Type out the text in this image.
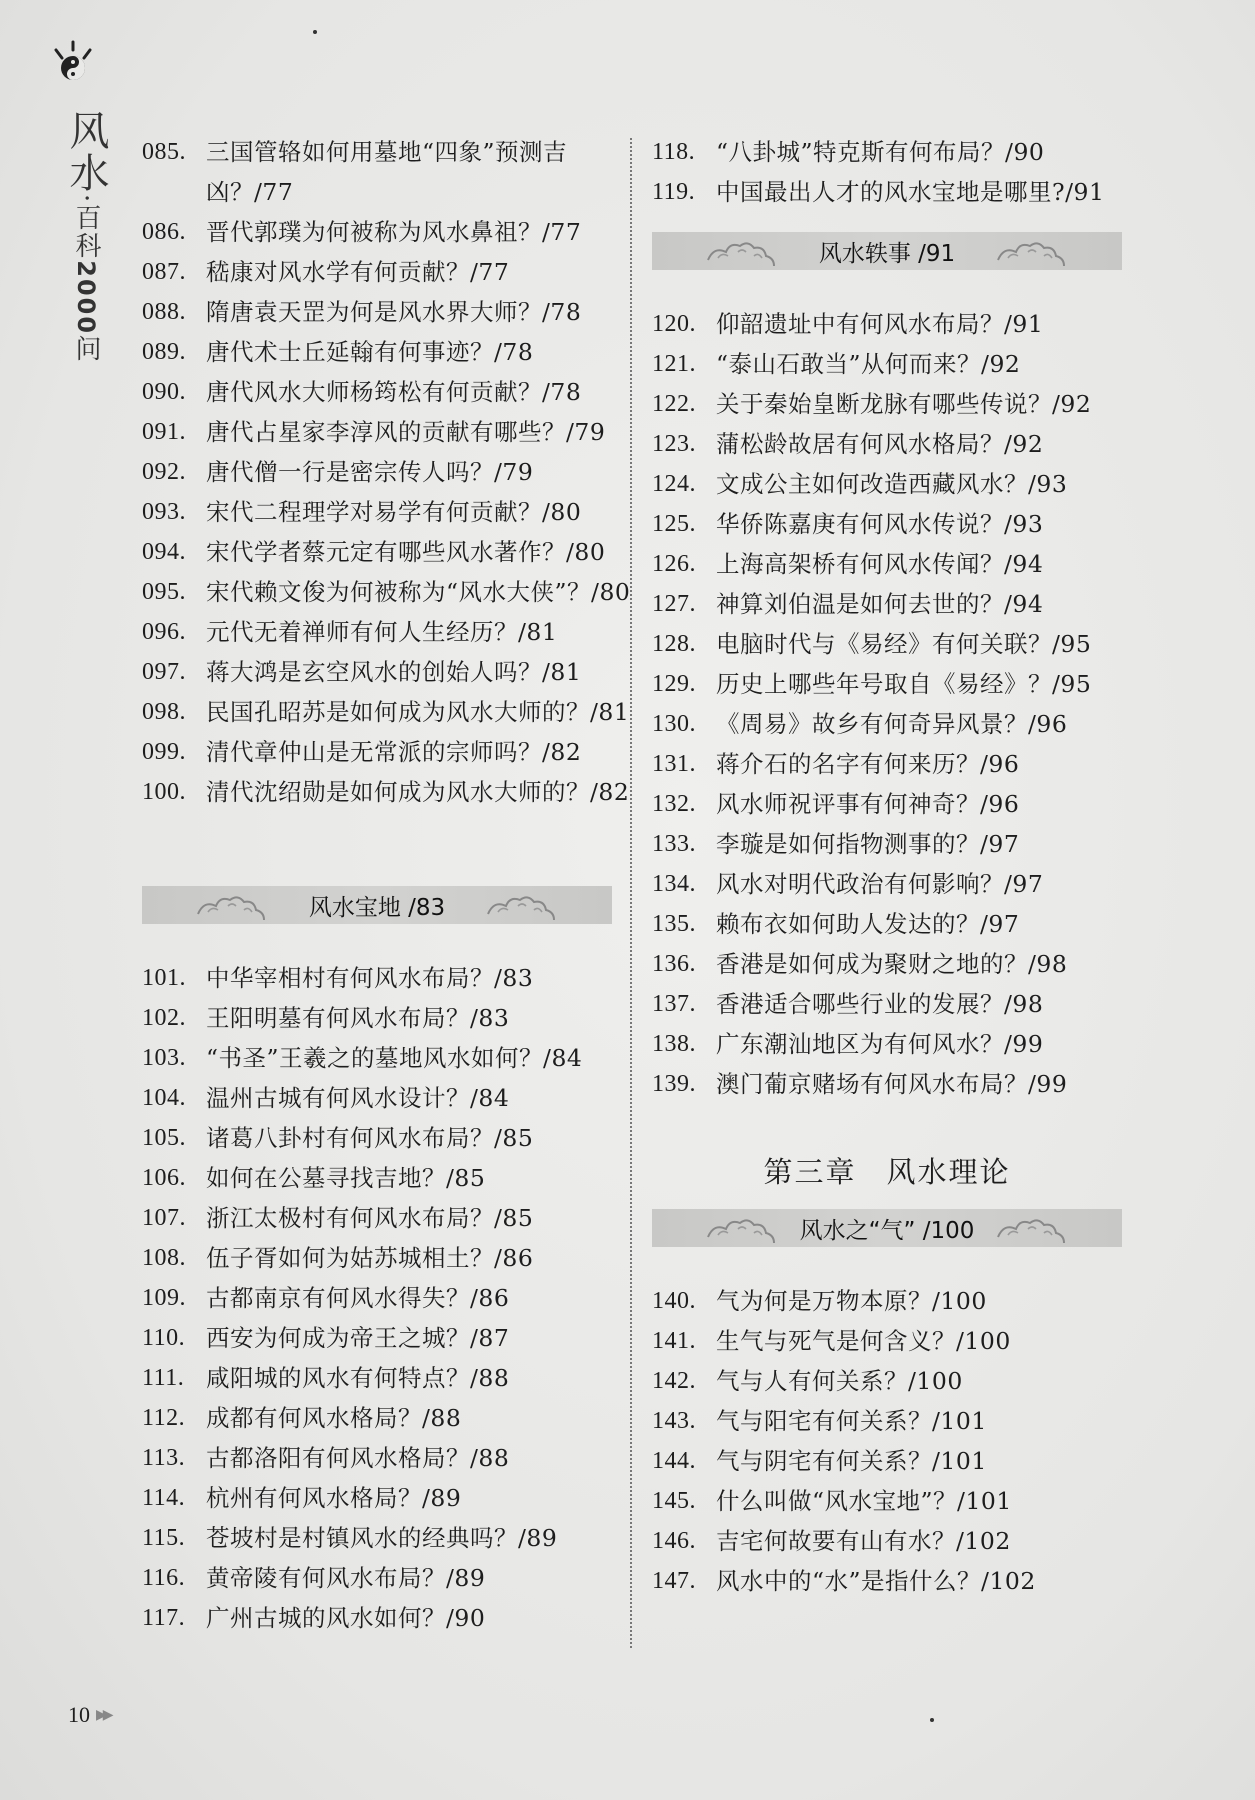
风水·百科2000问
085. 三国管辂如何用墓地“四象”预测吉凶？/77
086. 晋代郭璞为何被称为风水鼻祖？/77
087. 嵇康对风水学有何贡献？/77
088. 隋唐袁天罡为何是风水界大师？/78
089. 唐代术士丘延翰有何事迹？/78
090. 唐代风水大师杨筠松有何贡献？/78
091. 唐代占星家李淳风的贡献有哪些？/79
092. 唐代僧一行是密宗传人吗？/79
093. 宋代二程理学对易学有何贡献？/80
094. 宋代学者蔡元定有哪些风水著作？/80
095. 宋代赖文俊为何被称为“风水大侠”？/80
096. 元代无着禅师有何人生经历？/81
097. 蒋大鸿是玄空风水的创始人吗？/81
098. 民国孔昭苏是如何成为风水大师的？/81
099. 清代章仲山是无常派的宗师吗？/82
100. 清代沈绍勋是如何成为风水大师的？/82
风水宝地 /83
101. 中华宰相村有何风水布局？/83
102. 王阳明墓有何风水布局？/83
103. “书圣”王羲之的墓地风水如何？/84
104. 温州古城有何风水设计？/84
105. 诸葛八卦村有何风水布局？/85
106. 如何在公墓寻找吉地？/85
107. 浙江太极村有何风水布局？/85
108. 伍子胥如何为姑苏城相土？/86
109. 古都南京有何风水得失？/86
110. 西安为何成为帝王之城？/87
111. 咸阳城的风水有何特点？/88
112. 成都有何风水格局？/88
113. 古都洛阳有何风水格局？/88
114. 杭州有何风水格局？/89
115. 苍坡村是村镇风水的经典吗？/89
116. 黄帝陵有何风水布局？/89
117. 广州古城的风水如何？/90
118. “八卦城”特克斯有何布局？/90
119. 中国最出人才的风水宝地是哪里?/91
风水轶事 /91
120. 仰韶遗址中有何风水布局？/91
121. “泰山石敢当”从何而来？/92
122. 关于秦始皇断龙脉有哪些传说？/92
123. 蒲松龄故居有何风水格局？/92
124. 文成公主如何改造西藏风水？/93
125. 华侨陈嘉庚有何风水传说？/93
126. 上海高架桥有何风水传闻？/94
127. 神算刘伯温是如何去世的？/94
128. 电脑时代与《易经》有何关联？/95
129. 历史上哪些年号取自《易经》？/95
130. 《周易》故乡有何奇异风景？/96
131. 蒋介石的名字有何来历？/96
132. 风水师祝评事有何神奇？/96
133. 李璇是如何指物测事的？/97
134. 风水对明代政治有何影响？/97
135. 赖布衣如何助人发达的？/97
136. 香港是如何成为聚财之地的？/98
137. 香港适合哪些行业的发展？/98
138. 广东潮汕地区为有何风水？/99
139. 澳门葡京赌场有何风水布局？/99
第三章 风水理论
风水之“气” /100
140. 气为何是万物本原？/100
141. 生气与死气是何含义？/100
142. 气与人有何关系？/100
143. 气与阳宅有何关系？/101
144. 气与阴宅有何关系？/101
145. 什么叫做“风水宝地”？/101
146. 吉宅何故要有山有水？/102
147. 风水中的“水”是指什么？/102
10 ▶▶
